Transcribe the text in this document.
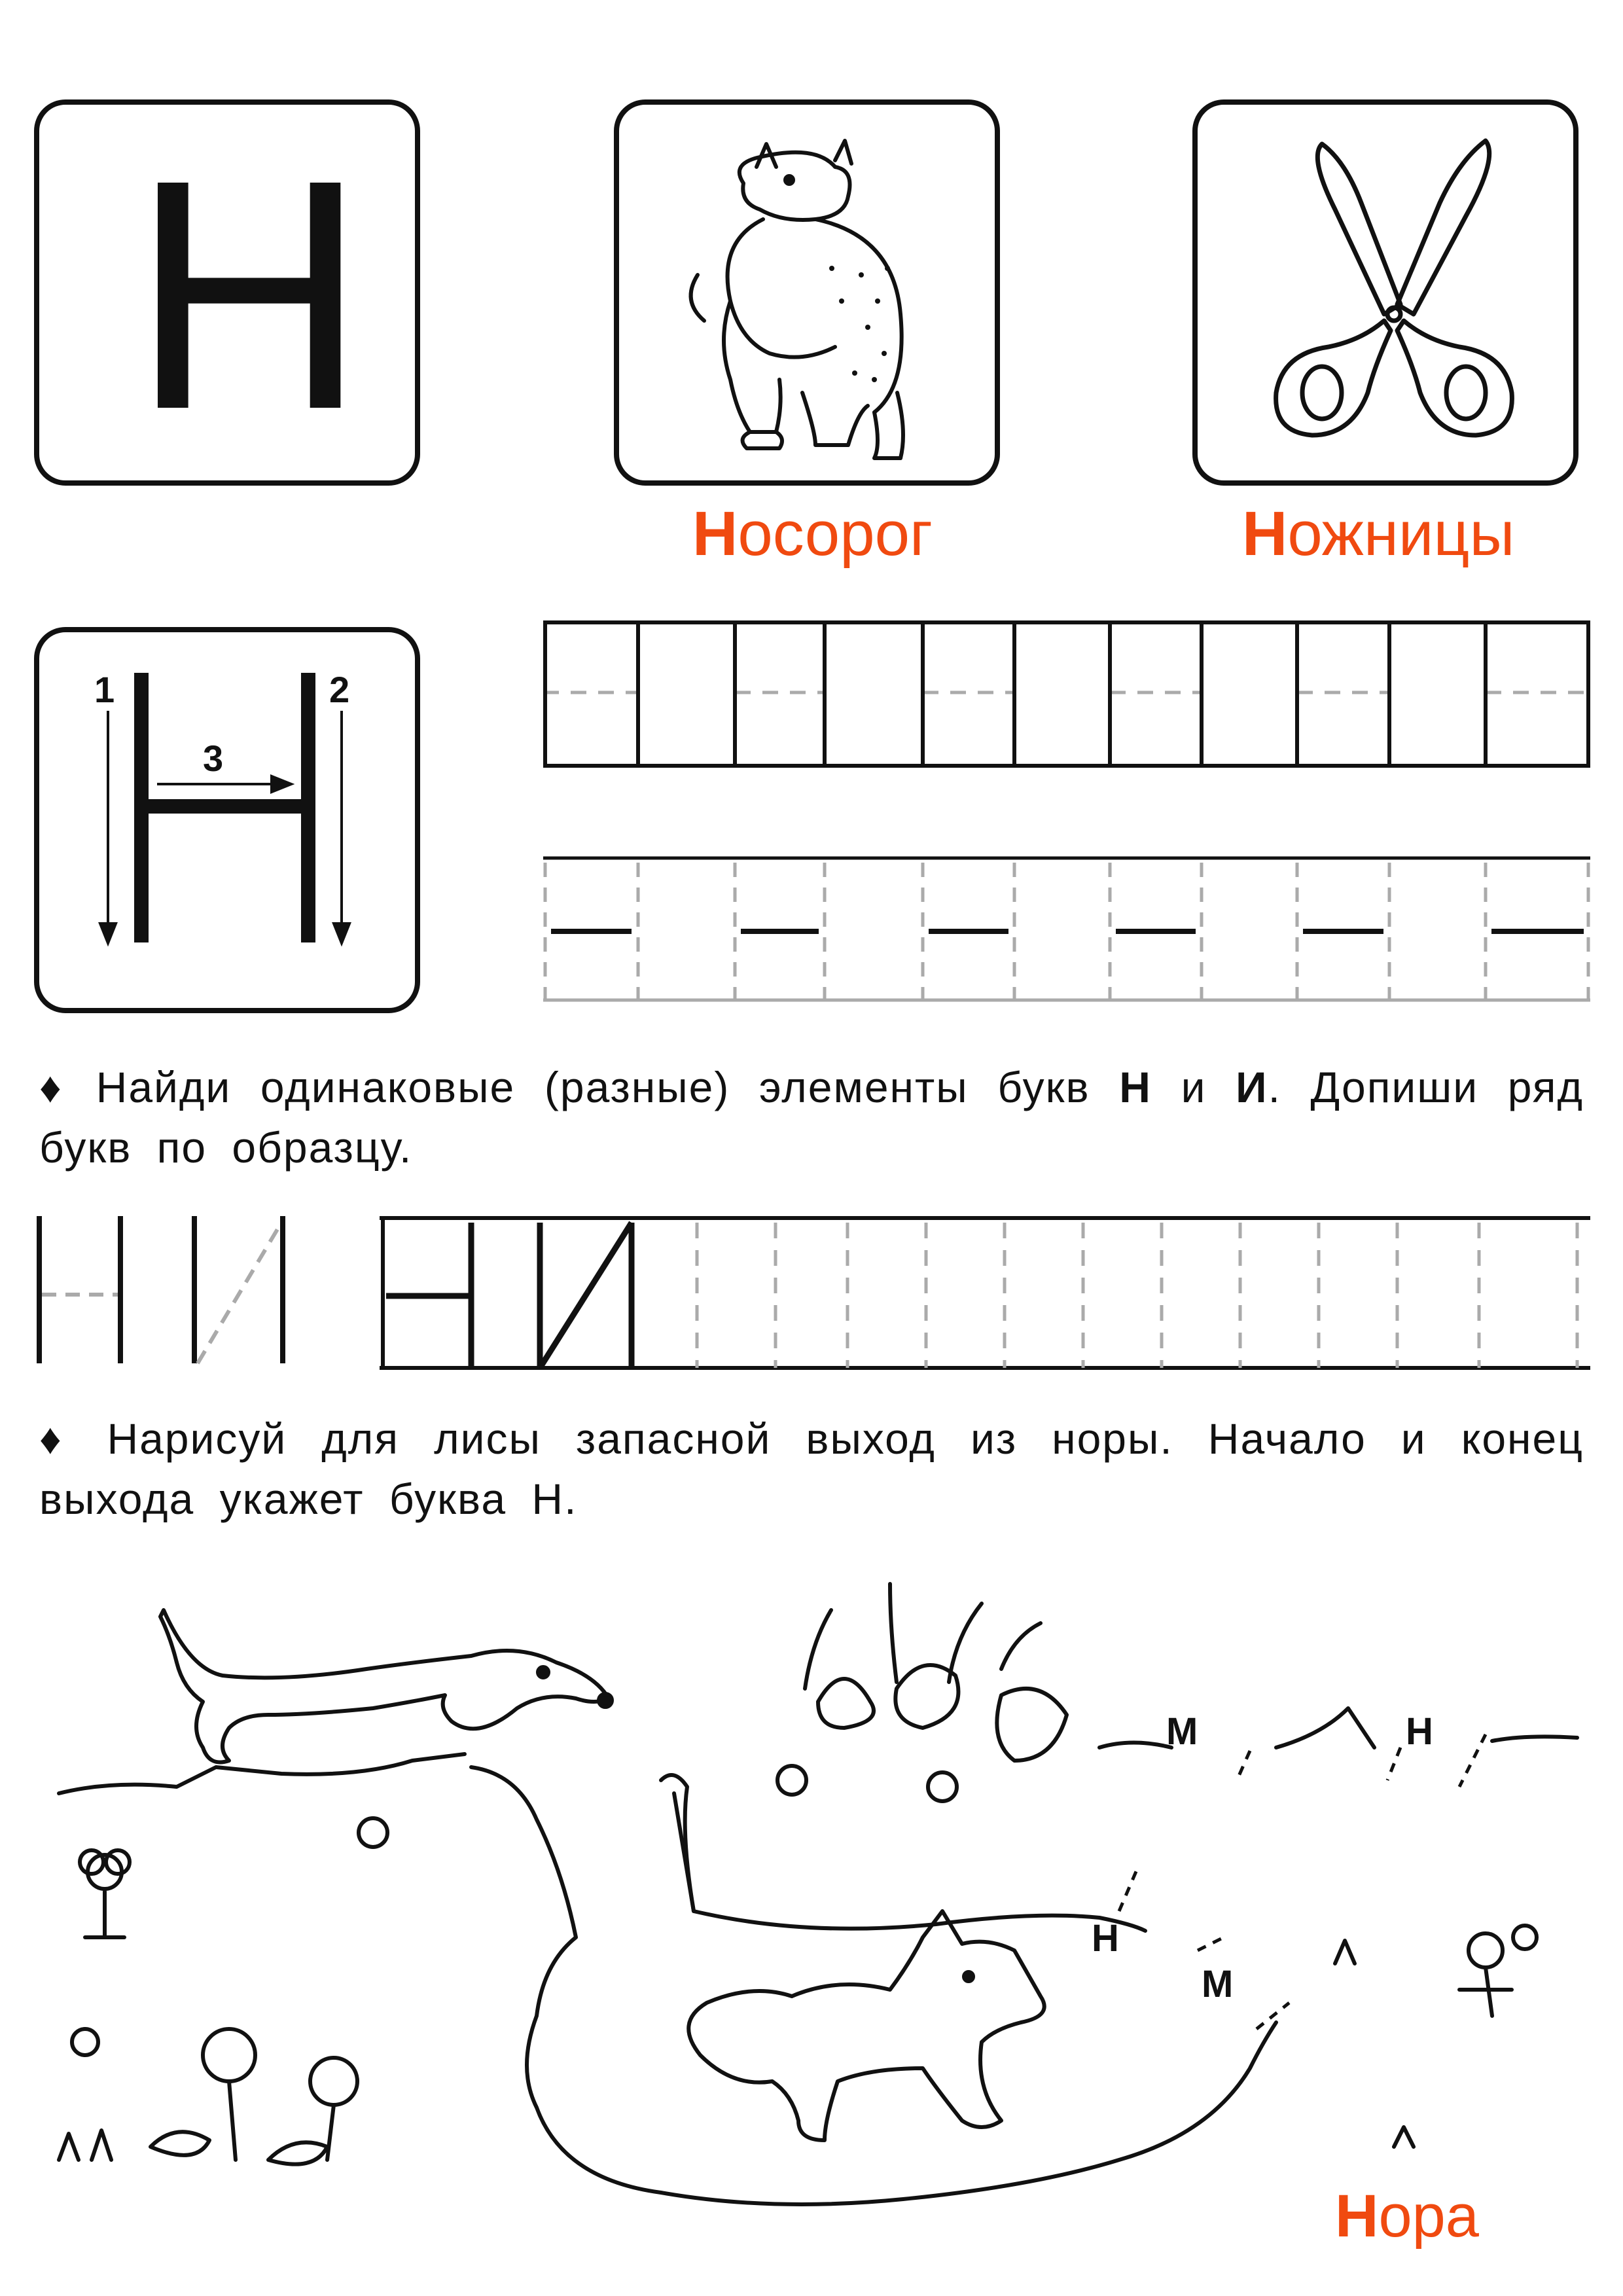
Н
Носорог	Ножницы
1	2
3
♦ Найди одинаковые (разные) элементы букв Н и И. Допиши ряд букв по образцу.
♦ Нарисуй для лисы запасной выход из норы. Начало и конец выхода укажет буква Н.
М	Н
Н
М
Нора
